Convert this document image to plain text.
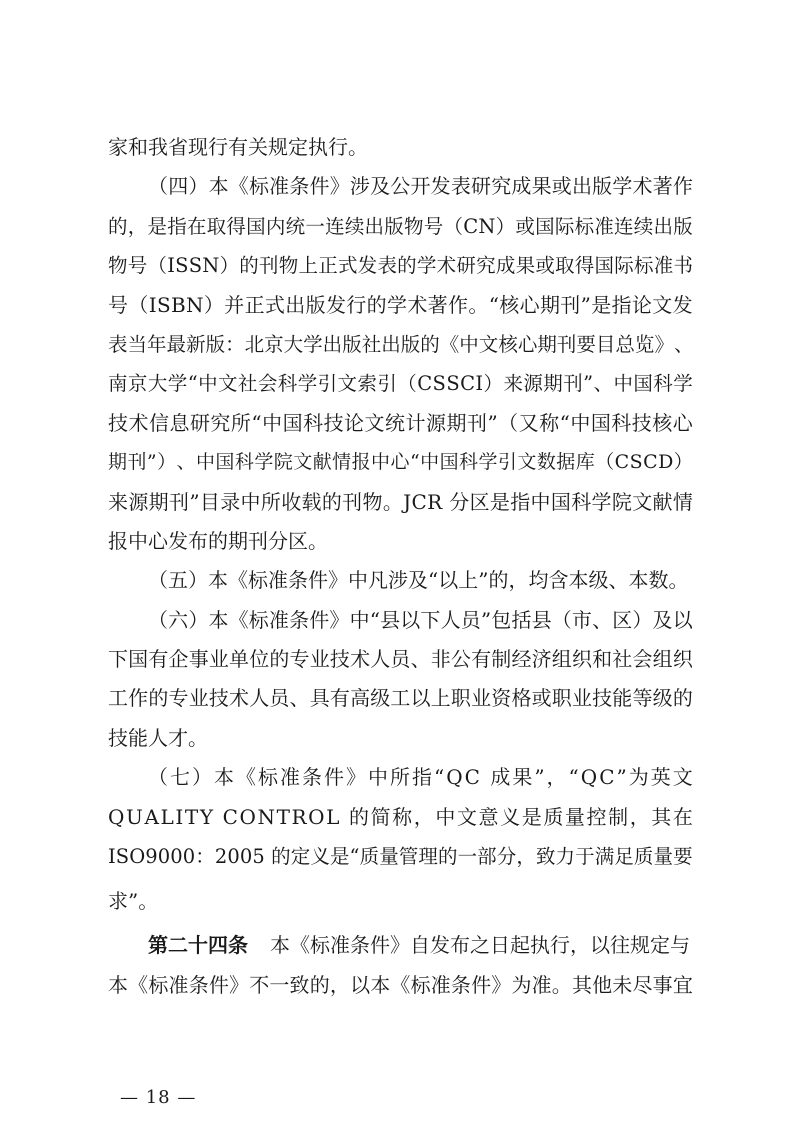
家和我省现行有关规定执行。
（ 四 ） 本 《 标 准 条 件 》 涉 及 公 开 发 表 研 究 成 果 或 出 版 学 术 著 作
的 ， 是 指 在 取 得 国 内 统 一 连 续 出 版 物 号 （ C N ） 或 国 际 标 准 连 续 出 版
物 号 （ I S S N ） 的 刊 物 上 正 式 发 表 的 学 术 研 究 成 果 或 取 得 国 际 标 准 书
号 （ I S B N ） 并 正 式 出 版 发 行 的 学 术 著 作 。 “ 核 心 期 刊 ” 是 指 论 文 发
表 当 年 最 新 版 ： 北 京 大 学 出 版 社 出 版 的 《 中 文 核 心 期 刊 要 目 总 览 》 、
南 京 大 学 “ 中 文 社 会 科 学 引 文 索 引 （ C S S C I ） 来 源 期 刊 ” 、 中 国 科 学
技 术 信 息 研 究 所 “ 中 国 科 技 论 文 统 计 源 期 刊 ” （ 又 称 “ 中 国 科 技 核 心
期 刊 ” ） 、 中 国 科 学 院 文 献 情 报 中 心 “ 中 国 科 学 引 文 数 据 库 （ C S C D ）
来 源 期 刊 ” 目 录 中 所 收 载 的 刊 物 。 J C R
分 区 是 指 中 国 科 学 院 文 献 情
报中心发布的期刊分区。
（五）本《标准条件》中凡涉及“以上”的，均含本级、本数。
（ 六 ） 本 《 标 准 条 件 》 中 “ 县 以 下 人 员 ” 包 括 县 （ 市 、 区 ） 及 以
下 国 有 企 事 业 单 位 的 专 业 技 术 人 员 、 非 公 有 制 经 济 组 织 和 社 会 组 织
工 作 的 专 业 技 术 人 员 、 具 有 高 级 工 以 上 职 业 资 格 或 职 业 技 能 等 级 的
技能人才。
（ 七 ） 本 《 标 准 条 件 》 中 所 指 “ Q C
成 果 ” ， “ Q C ” 为 英 文
Q U A L I T Y
C O N T R O L
的 简 称 ， 中 文 意 义 是 质 量 控 制 ， 其 在
I S O 9 0 0 0 ： 2 0 0 5
的 定 义 是 “ 质 量 管 理 的 一 部 分 ， 致 力 于 满 足 质 量 要
求”。
第二十四条 本《标准条件》自发布之日起执行，以往规定与
本 《 标 准 条 件 》 不 一 致 的 ， 以 本 《 标 准 条 件 》 为 准 。 其 他 未 尽 事 宜
— 18 —
